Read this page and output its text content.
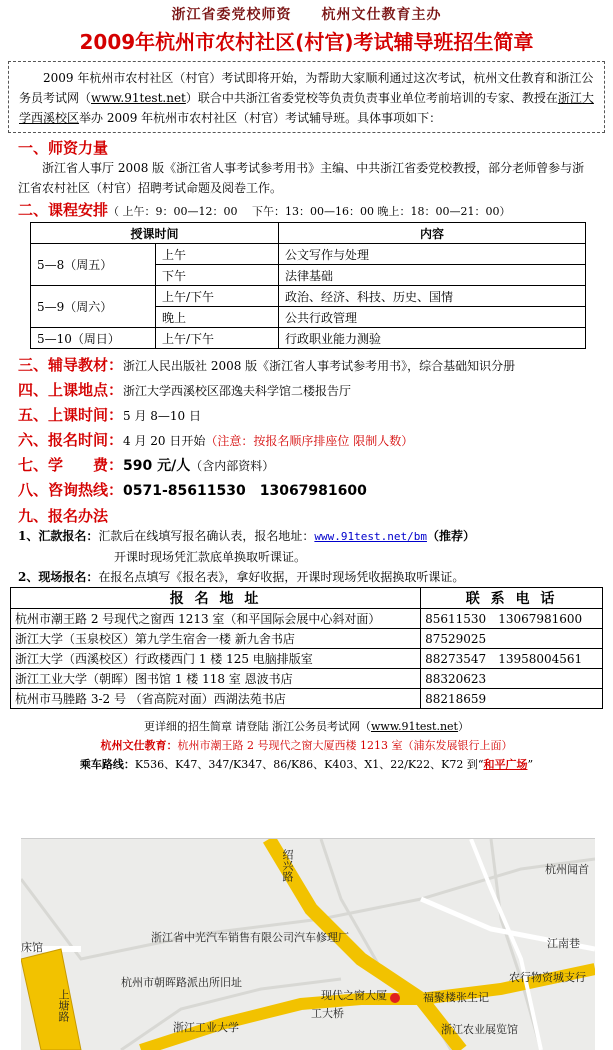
浙江省委党校师资　　杭州文仕教育主办
2009年杭州市农村社区(村官)考试辅导班招生简章
2009 年杭州市农村社区（村官）考试即将开始，为帮助大家顺利通过这次考试，杭州文仕教育和浙江公务员考试网（www.91test.net）联合中共浙江省委党校等负责负责事业单位考前培训的专家、教授在浙江大学西溪校区举办 2009 年杭州市农村社区（村官）考试辅导班。具体事项如下：
一、师资力量
浙江省人事厅 2008 版《浙江省人事考试参考用书》主编、中共浙江省委党校教授，部分老师曾参与浙江省农村社区（村官）招聘考试命题及阅卷工作。
二、课程安排（ 上午：9：00—12：00　 下午：13：00—16：00 晚上：18：00—21：00）
授课时间		内容
5—8（周五）	上午	公文写作与处理
	下午	法律基础
5—9（周六）	上午/下午	政治、经济、科技、历史、国情
	晚上	公共行政管理
5—10（周日）	上午/下午	行政职业能力测验
三、辅导教材：浙江人民出版社 2008 版《浙江省人事考试参考用书》，综合基础知识分册
四、上课地点：浙江大学西溪校区邵逸夫科学馆二楼报告厅
五、上课时间：5 月 8—10 日
六、报名时间：4 月 20 日开始（注意：按报名顺序排座位 限制人数）
七、学　　费：590 元/人（含内部资料）
八、咨询热线：0571-85611530　13067981600
九、报名办法
1、汇款报名：汇款后在线填写报名确认表，报名地址：www.91test.net/bm（推荐）
开课时现场凭汇款底单换取听课证。
2、现场报名：在报名点填写《报名表》，拿好收据，开课时现场凭收据换取听课证。
报 名 地 址	联 系 电 话
杭州市潮王路 2 号现代之窗西 1213 室（和平国际会展中心斜对面）	85611530　13067981600
浙江大学（玉泉校区）第九学生宿舍一楼 新九舍书店	87529025
浙江大学（西溪校区）行政楼西门 1 楼 125 电脑排版室	88273547　13958004561
浙江工业大学（朝晖）图书馆 1 楼 118 室 恩波书店	88320623
杭州市马塍路 3-2 号 （省高院对面）西湖法苑书店	88218659
更详细的招生简章 请登陆 浙江公务员考试网（www.91test.net）
杭州文仕教育：杭州市潮王路 2 号现代之窗大厦西楼 1213 室（浦东发展银行上面）
乘车路线：K536、K47、347/K347、86/K86、K403、X1、22/K22、K72 到“和平广场”
绍兴路	杭州闻首
浙江省中光汽车销售有限公司汽车修理厂	江南巷
杭州市朝晖路派出所旧址
现代之窗大厦
农行物资城支行
福聚楼张生记
工大桥
浙江工业大学	浙江农业展览馆
上塘路
床馆
